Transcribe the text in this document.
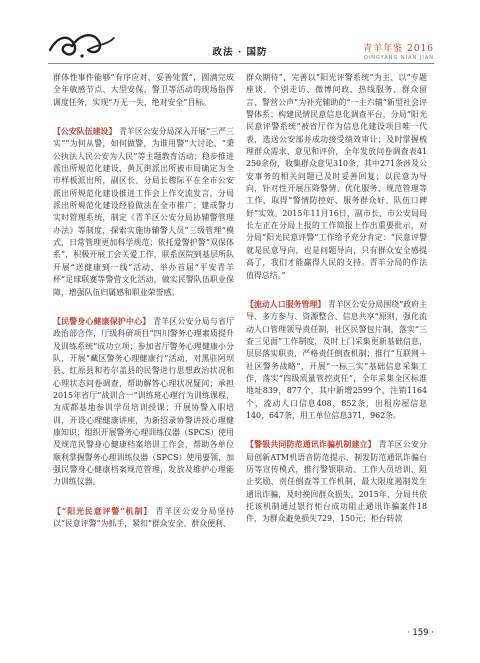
政法 · 国防	青羊年鉴 2016
QINGYANG NIAN JIAN

群体性事件能够“有序应对，妥善处置”，圆满完成全年敏感节点、大型安保、警卫等活动的现场指挥调度任务，实现“万无一失，绝对安全”目标。

【公安队伍建设】 青羊区公安分局深入开展“三严三实”“为何从警，如何做警，为谁用警”大讨论、“秉公执法人民公安为人民”等主题教育活动；稳步推进派出所规范化建设，黄瓦街派出所被市局确定为全市样板派出所，副区长、分局长穆际平在全市公安派出所规范化建设推进工作会上作交流发言，分局派出所规范化建设经验做法在全市推广；建成警力实时管理系统，制定《青羊区公安分局协辅警管理办法》等制度，探索实施协辅警人员“三级管理”模式，日常管理更加科学规范；依托爱警护警“双保体系”，积极开展工会关爱工作，联系医院到基层所队开展“送健康到一线”活动、举办首届“平安青羊杯”足球联赛等警营文化活动，做实民警队伍职业保障，增强队伍归属感和职业荣誉感。

【民警身心健康保护中心】 青羊区公安分局与省厅政治部合作，厅级科研项目“四川警务心理素质提升及训练系统”成功立项；参加省厅警务心理健康小分队，开展“藏区警务心理健康行”活动，对黑驻阿坝县、红原县和若尔盖县的民警进行思想政治状况和心理状态问卷调查，帮助解答心理状况疑问；承担2015年省厅“战训合一”训练班心理行为训练课程，为成都基地参训学员培训授课；开展协警入职培训，开设心理健康讲座，为新招录协警讲授心理健康知识；组织开展警务心理训练仪器（SPCS）使用及规范民警身心健康档案培训工作会，帮助各单位顺利掌握警务心理训练仪器（SPCS）使用要领，加强民警身心健康档案规范管理，发放及维护心理能力训练仪器。

【“阳光民意评警”机制】 青羊区公安分局坚持以“民意评警”为抓手，紧扣“群众安全、群众便利、

群众期待”，完善以“阳光评警系统”为主、以“专题座谈、个别走访、微博问政、热线服务、群众留言、警营公声”为补充辅助的“一主六辅”新型社会评警体系；构建民情民意信息化调查平台，分局“阳光民意评警系统”被省厅作为信息化建设项目唯一代表，选送公安部并成功接受绩效审计；及时掌握梳理群众需求、意见和评价，全年发放问卷调查表41 250余份，收集群众意见310条，其中271条涉及公安事务的相关问题已及时妥善回复；以民意为导向，针对性开展压降警情、优化服务、规范管理等工作，取得“警情防控好、服务群众好、队伍口碑好”实效。2015年11月16日，副市长、市公安局局长左正在分局上报的工作简报上作出重要批示，对分局“阳光民意评警”工作给予充分肯定：“民意评警就是民意导向，也是问题导向，只有群众安全感提高了，我们才能赢得人民的支持。青羊分局的作法值得总结。”

【流动人口服务管理】 青羊区公安分局围绕“政府主导、多方参与、资源整合、信息共享”原则，强化流动人口管理领导责任制，社区民警包片制，落实“三查三见面”工作制度，及时上门采集更新基础信息，层层落实职责，严格责任倒查机制；推行“互联网＋社区警务战略”，开展“一标三实”基础信息采集工作，落实“四级质量管控责任”，全年采集全区标准地址839，877个，其中新增2599个，注销1164个，流动人口信息408，852条，出租房屋信息140，647条，用工单位信息371，962条。

【警银共同防范通讯诈骗机制建立】 青羊区公安分局创新ATM机语音防范提示、制发防范通讯诈骗台历等宣传模式，推行警银联动、工作人员培训、阻止奖励、责任倒查等工作机制，最大限度遏制发生通讯诈骗，及时挽回群众损失。2015年，分局共依托该机制通过银行柜台成功阻止通讯诈骗案件18件，为群众避免损失729，150元；柜台转款

· 159 ·
